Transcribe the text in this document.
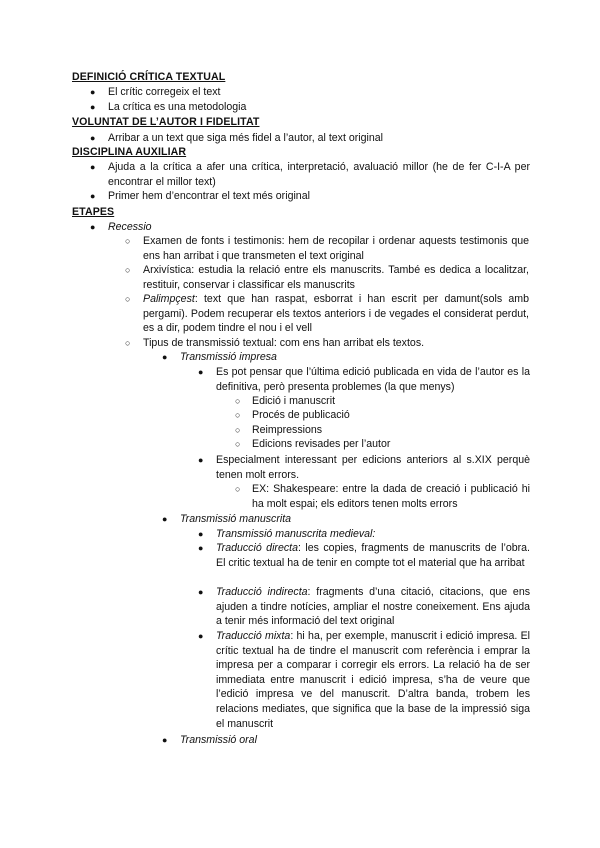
DEFINICIÓ CRÍTICA TEXTUAL
● El crític corregeix el text
● La crítica es una metodologia
VOLUNTAT DE L’AUTOR I FIDELITAT
● Arribar a un text que siga més fidel a l’autor, al text original
DISCIPLINA AUXILIAR
● Ajuda a la crítica a afer una crítica, interpretació, avaluació millor (he de fer C-I-A per encontrar el millor text)
● Primer hem d’encontrar el text més original
ETAPES
● Recessio
○ Examen de fonts i testimonis: hem de recopilar i ordenar aquests testimonis que ens han arribat i que transmeten el text original
○ Arxivística: estudia la relació entre els manuscrits. També es dedica a localitzar, restituir, conservar i classificar els manuscrits
○ Palimpçest: text que han raspat, esborrat i han escrit per damunt(sols amb pergami). Podem recuperar els textos anteriors i de vegades el considerat perdut, es a dir, podem tindre el nou i el vell
○ Tipus de transmissió textual: com ens han arribat els textos.
● Transmissió impresa
● Es pot pensar que l’última edició publicada en vida de l’autor es la definitiva, però presenta problemes (la que menys)
○ Edició i manuscrit
○ Procés de publicació
○ Reimpressions
○ Edicions revisades per l’autor
● Especialment interessant per edicions anteriors al s.XIX perquè tenen molt errors.
○ EX: Shakespeare: entre la dada de creació i publicació hi ha molt espai; els editors tenen molts errors
● Transmissió manuscrita
● Transmissió manuscrita medieval:
● Traducció directa: les copies, fragments de manuscrits de l’obra. El critic textual ha de tenir en compte tot el material que ha arribat
● Traducció indirecta: fragments d’una citació, citacions, que ens ajuden a tindre notícies, ampliar el nostre coneixement. Ens ajuda a tenir més informació del text original
● Traducció mixta: hi ha, per exemple, manuscrit i edició impresa. El crític textual ha de tindre el manuscrit com referència i emprar la impresa per a comparar i corregir els errors. La relació ha de ser immediata entre manuscrit i edició impresa, s’ha de veure que l’edició impresa ve del manuscrit. D’altra banda, trobem les relacions mediates, que significa que la base de la impressió siga el manuscrit
● Transmissió oral
